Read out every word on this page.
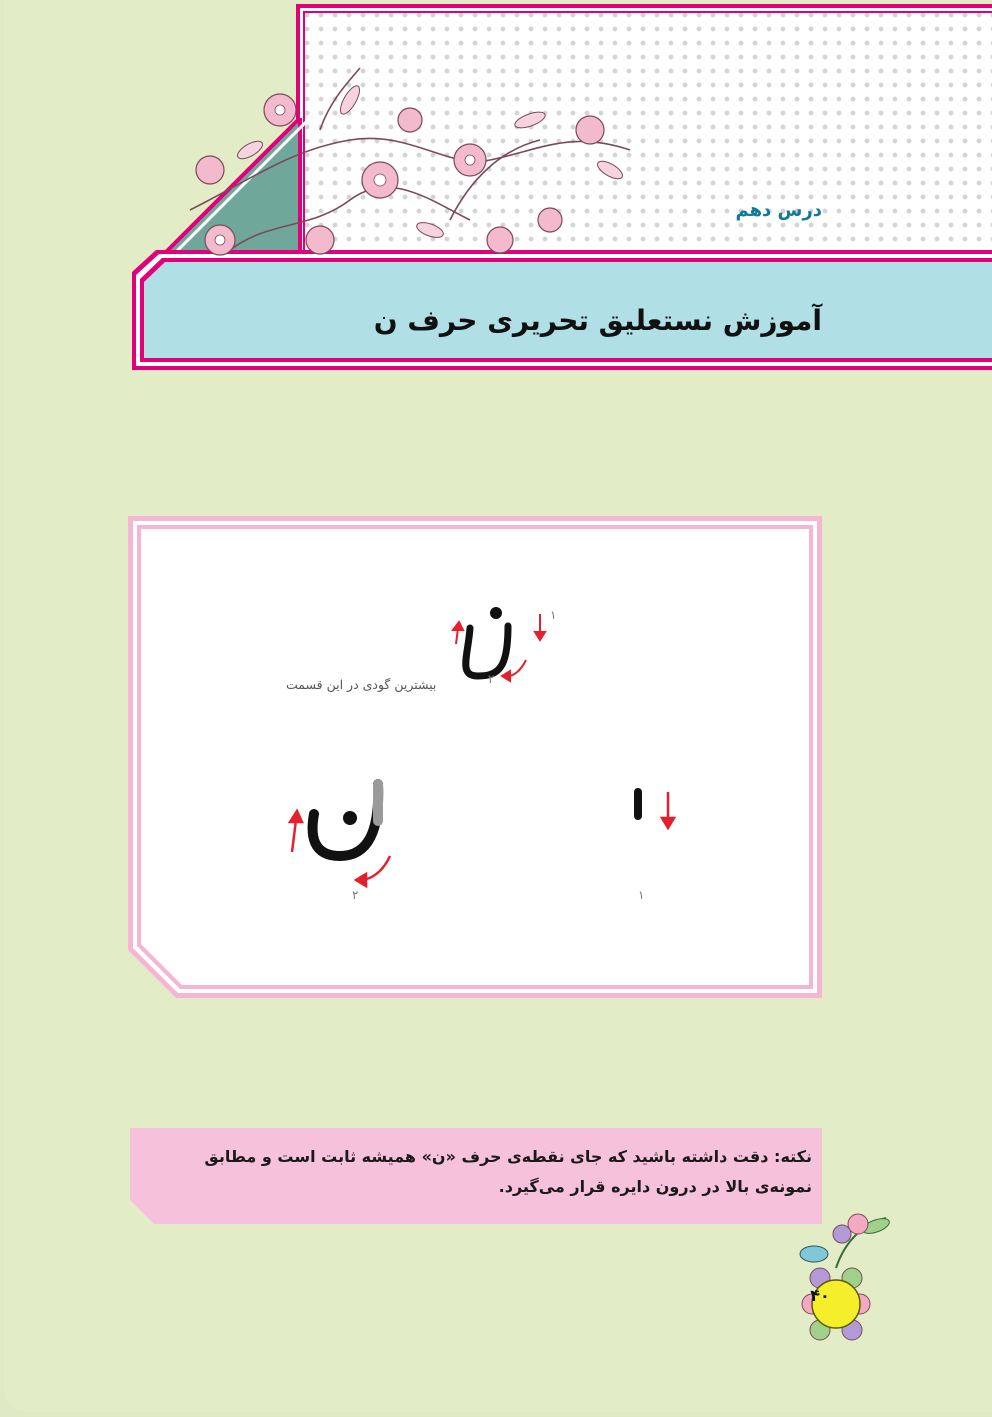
درس دهم
آموزش نستعلیق تحریری حرف ن
بیشترین گودی در این قسمت
۱
۲
۲	۱
نکته: دقت داشته باشید که جای نقطه‌ی حرف «ن» همیشه ثابت است و مطابق نمونه‌ی بالا در درون دایره قرار می‌گیرد.
۴۰
